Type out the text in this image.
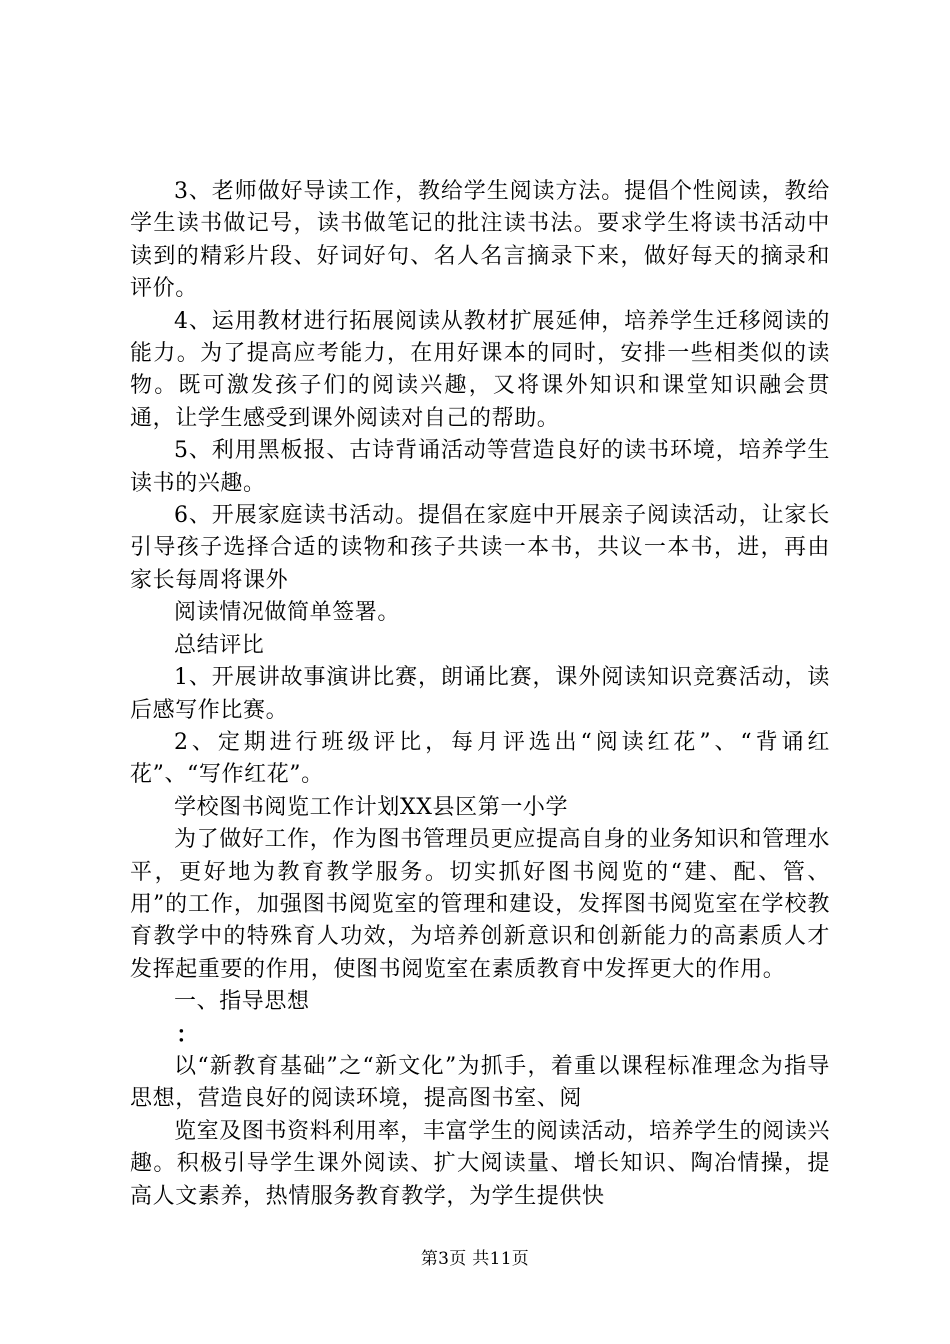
3、老师做好导读工作，教给学生阅读方法。提倡个性阅读，教给学生读书做记号，读书做笔记的批注读书法。要求学生将读书活动中读到的精彩片段、好词好句、名人名言摘录下来，做好每天的摘录和评价。

4、运用教材进行拓展阅读从教材扩展延伸，培养学生迁移阅读的能力。为了提高应考能力，在用好课本的同时，安排一些相类似的读物。既可激发孩子们的阅读兴趣，又将课外知识和课堂知识融会贯通，让学生感受到课外阅读对自己的帮助。

5、利用黑板报、古诗背诵活动等营造良好的读书环境，培养学生读书的兴趣。

6、开展家庭读书活动。提倡在家庭中开展亲子阅读活动，让家长引导孩子选择合适的读物和孩子共读一本书，共议一本书，进，再由家长每周将课外

阅读情况做简单签署。

总结评比

1、开展讲故事演讲比赛，朗诵比赛，课外阅读知识竞赛活动，读后感写作比赛。

2、定期进行班级评比，每月评选出“阅读红花”、“背诵红花”、“写作红花”。

学校图书阅览工作计划XX县区第一小学

为了做好工作，作为图书管理员更应提高自身的业务知识和管理水平，更好地为教育教学服务。切实抓好图书阅览的“建、配、管、用”的工作，加强图书阅览室的管理和建设，发挥图书阅览室在学校教育教学中的特殊育人功效，为培养创新意识和创新能力的高素质人才发挥起重要的作用，使图书阅览室在素质教育中发挥更大的作用。

一、指导思想

：

以“新教育基础”之“新文化”为抓手，着重以课程标准理念为指导思想，营造良好的阅读环境，提高图书室、阅

览室及图书资料利用率，丰富学生的阅读活动，培养学生的阅读兴趣。积极引导学生课外阅读、扩大阅读量、增长知识、陶冶情操，提高人文素养，热情服务教育教学，为学生提供快

第3页 共11页
